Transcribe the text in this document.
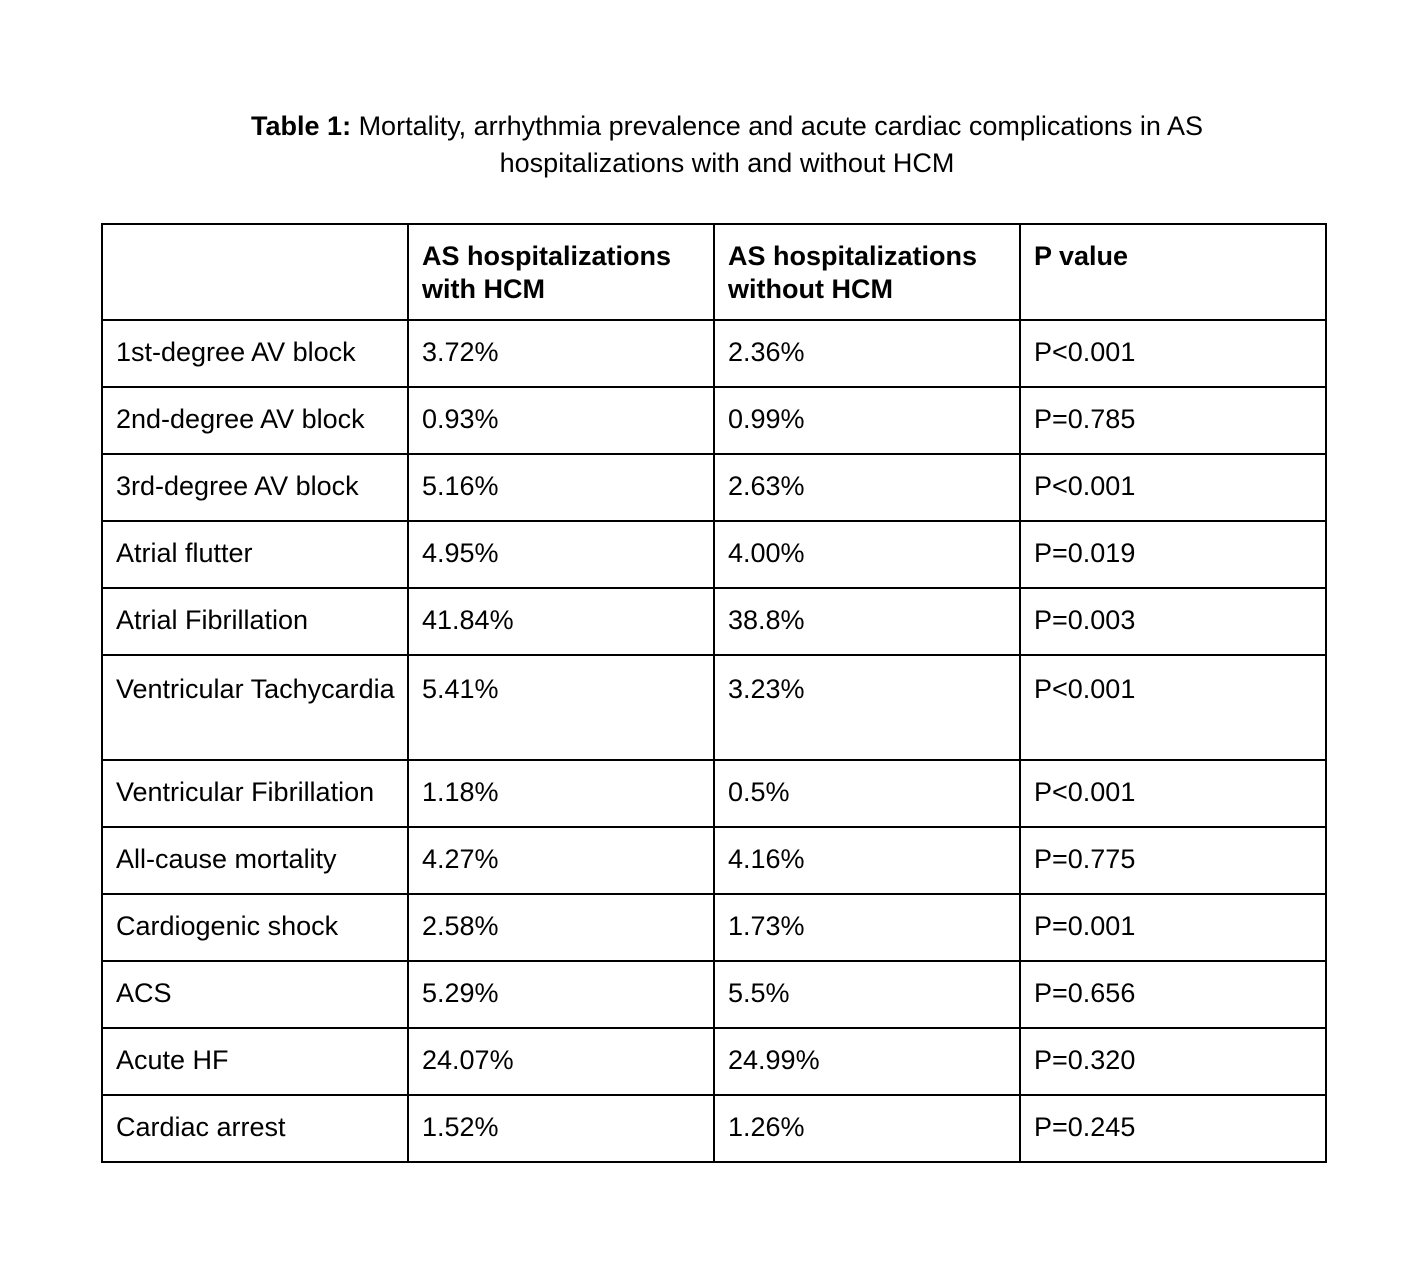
Table 1: Mortality, arrhythmia prevalence and acute cardiac complications in AS
hospitalizations with and without HCM
	AS hospitalizations with HCM	AS hospitalizations without HCM	P value
1st-degree AV block	3.72%	2.36%	P<0.001
2nd-degree AV block	0.93%	0.99%	P=0.785
3rd-degree AV block	5.16%	2.63%	P<0.001
Atrial flutter	4.95%	4.00%	P=0.019
Atrial Fibrillation	41.84%	38.8%	P=0.003
Ventricular Tachycardia	5.41%	3.23%	P<0.001
Ventricular Fibrillation	1.18%	0.5%	P<0.001
All-cause mortality	4.27%	4.16%	P=0.775
Cardiogenic shock	2.58%	1.73%	P=0.001
ACS	5.29%	5.5%	P=0.656
Acute HF	24.07%	24.99%	P=0.320
Cardiac arrest	1.52%	1.26%	P=0.245
